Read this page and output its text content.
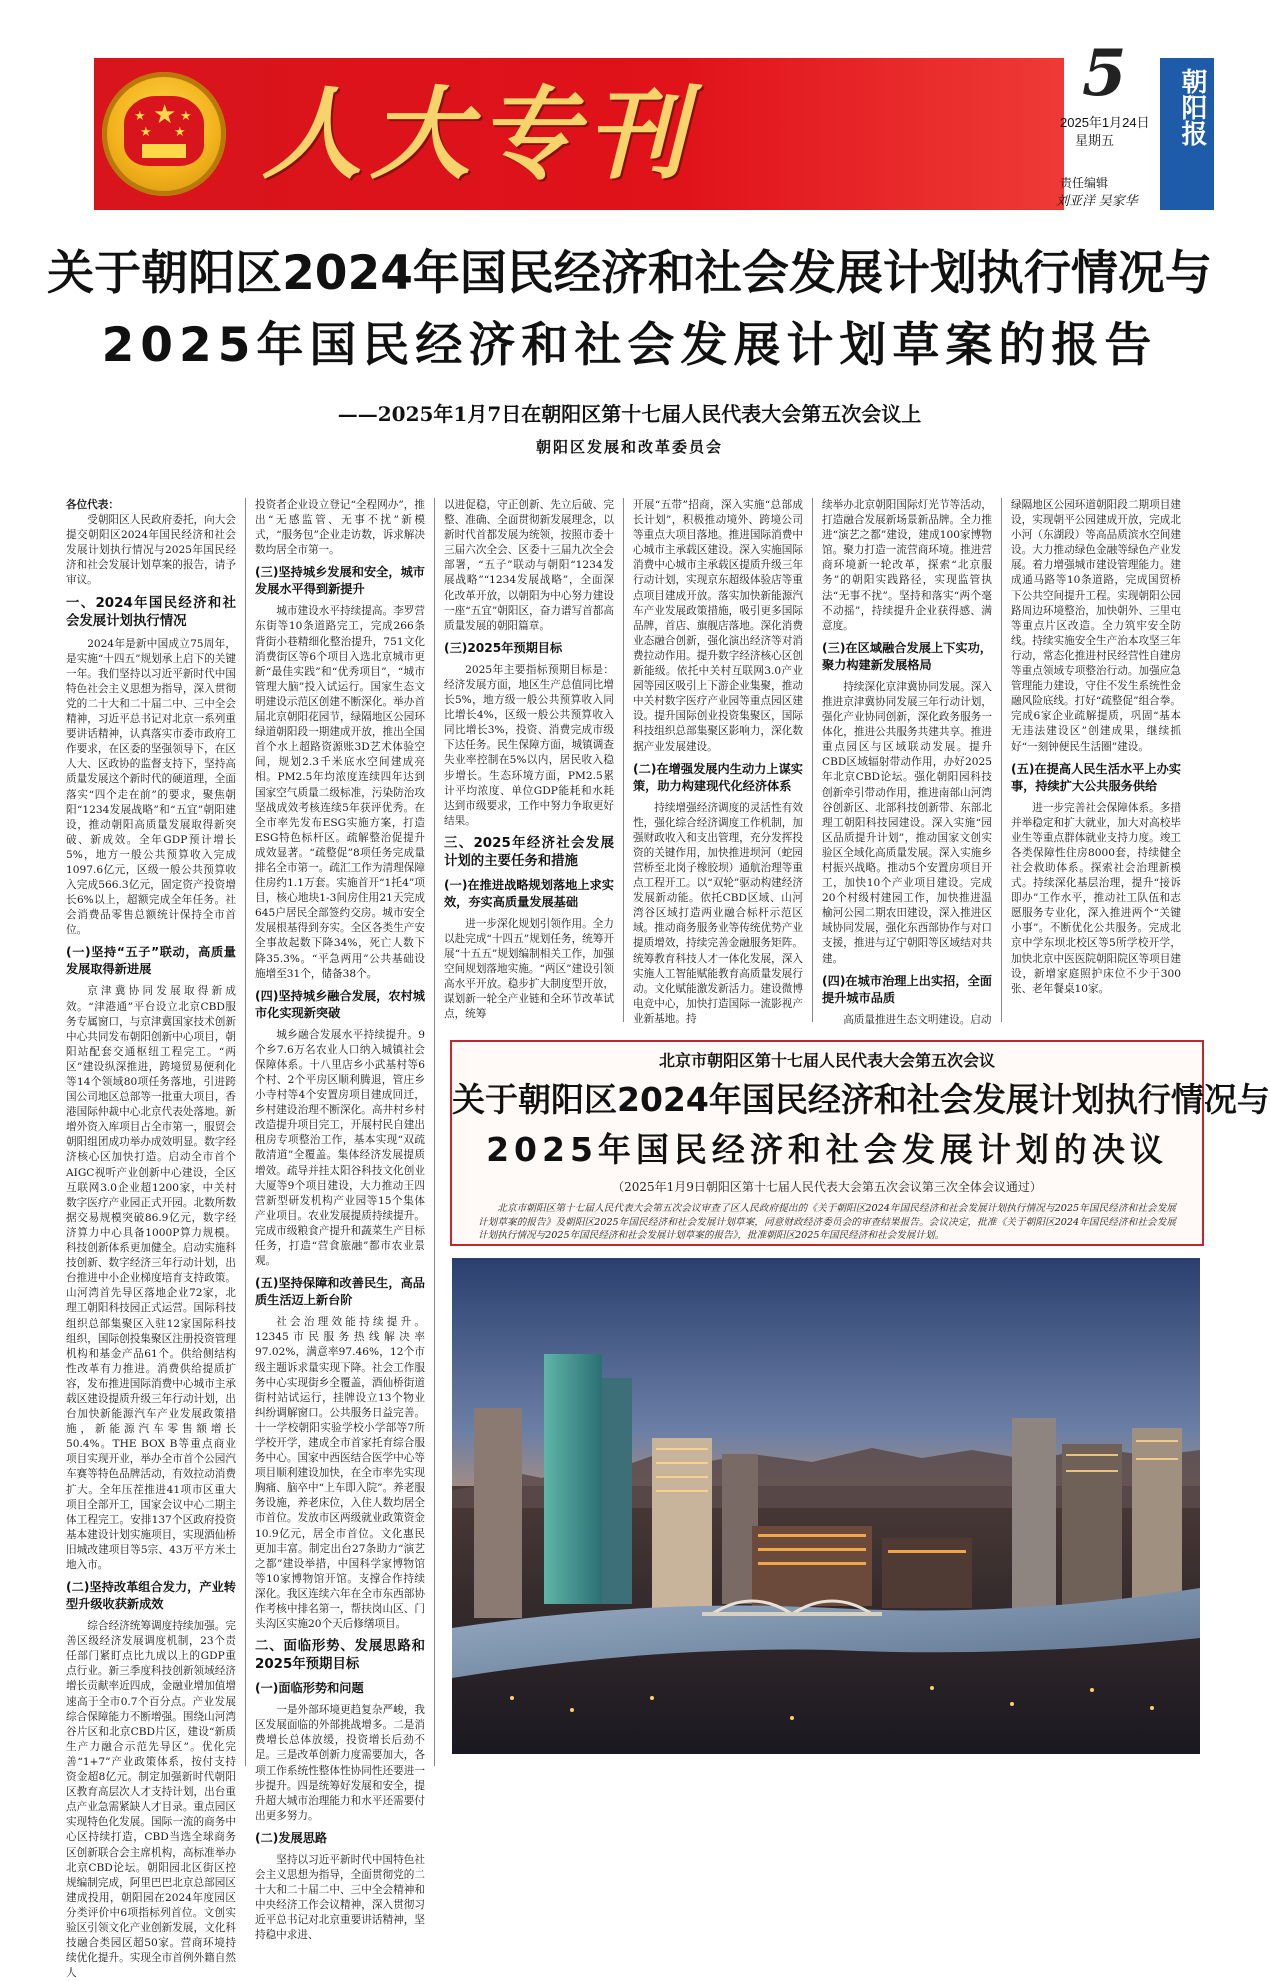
★
★
★
★
★ 人大专刊
5
2025年1月24日
星期五
责任编辑
刘亚洋 吴家华
朝阳报
关于朝阳区2024年国民经济和社会发展计划执行情况与
2025年国民经济和社会发展计划草案的报告
——2025年1月7日在朝阳区第十七届人民代表大会第五次会议上
朝阳区发展和改革委员会

各位代表：

受朝阳区人民政府委托，向大会提交朝阳区2024年国民经济和社会发展计划执行情况与2025年国民经济和社会发展计划草案的报告，请予审议。

一、2024年国民经济和社会发展计划执行情况

2024年是新中国成立75周年，是实施“十四五”规划承上启下的关键一年。我们坚持以习近平新时代中国特色社会主义思想为指导，深入贯彻党的二十大和二十届二中、三中全会精神，习近平总书记对北京一系列重要讲话精神，认真落实市委市政府工作要求，在区委的坚强领导下，在区人大、区政协的监督支持下，坚持高质量发展这个新时代的硬道理，全面落实“四个走在前”的要求，聚焦朝阳“1234发展战略”和“五宜”朝阳建设，推动朝阳高质量发展取得新突破、新成效。全年GDP预计增长5%，地方一般公共预算收入完成1097.6亿元，区级一般公共预算收入完成566.3亿元，固定资产投资增长6%以上，超额完成全年任务。社会消费品零售总额统计保持全市首位。

(一)坚持“五子”联动，高质量发展取得新进展

京津冀协同发展取得新成效。“津港通”平台设立北京CBD服务专属窗口，与京津冀国家技术创新中心共同发布朝阳创新中心项目，朝阳站配套交通枢纽工程完工。“两区”建设纵深推进，跨境贸易便利化等14个领域80项任务落地，引进跨国公司地区总部等一批重大项目，香港国际仲裁中心北京代表处落地。新增外资入库项目占全市第一，服贸会朝阳组团成功举办成效明显。数字经济核心区加快打造。启动全市首个AIGC视听产业创新中心建设，全区互联网3.0企业超1200家，中关村数字医疗产业园正式开园。北数所数据交易规模突破86.9亿元，数字经济算力中心具备1000P算力规模。科技创新体系更加健全。启动实施科技创新、数字经济三年行动计划，出台推进中小企业梯度培育支持政策。山河湾首先导区落地企业72家，北理工朝阳科技园正式运营。国际科技组织总部集聚区入驻12家国际科技组织，国际创投集聚区注册投资管理机构和基金产品61个。供给侧结构性改革有力推进。消费供给提质扩容，发布推进国际消费中心城市主承载区建设提质升级三年行动计划，出台加快新能源汽车产业发展政策措施，新能源汽车零售额增长50.4%。THE BOX B等重点商业项目实现开业，举办全市首个公园汽车赛等特色品牌活动，有效拉动消费扩大。全年压茬推进41项市区重大项目全部开工，国家会议中心二期主体工程完工。安排137个区政府投资基本建设计划实施项目，实现酒仙桥旧城改建项目等5宗、43万平方米土地入市。

(二)坚持改革组合发力，产业转型升级收获新成效

综合经济统筹调度持续加强。完善区级经济发展调度机制，23个责任部门紧盯点比九成以上的GDP重点行业。新三季度科技创新领域经济增长贡献率近四成，金融业增加值增速高于全市0.7个百分点。产业发展综合保障能力不断增强。围绕山河湾谷片区和北京CBD片区，建设“新质生产力融合示范先导区”。优化完善“1+7”产业政策体系，按付支持资金超8亿元。制定加强新时代朝阳区教育高层次人才支持计划，出台重点产业急需紧缺人才目录。重点园区实现特色化发展。国际一流的商务中心区持续打造，CBD当选全球商务区创新联合会主席机构，高标准举办北京CBD论坛。朝阳园北区街区控规编制完成，阿里巴巴北京总部园区建成投用，朝阳园在2024年度园区分类评价中6项指标列首位。文创实验区引领文化产业创新发展，文化科技融合类园区超50家。营商环境持续优化提升。实现全市首例外籍自然人

投资者企业设立登记“全程网办”，推出“无感监管、无事不扰”新模式，“服务包”企业走访数，诉求解决数均居全市第一。

(三)坚持城乡发展和安全，城市发展水平得到新提升

城市建设水平持续提高。李罗营东街等10条道路完工，完成266条背街小巷精细化整治提升，751文化消费街区等6个项目入选北京城市更新“最佳实践”和“优秀项目”，“城市管理大脑”投入试运行。国家生态文明建设示范区创建不断深化。举办首届北京朝阳花园节，绿隔地区公园环绿道朝阳段一期建成开放，推出全国首个水上超路资源账3D艺术体验空间，规划2.3千米底水空间建成亮相。PM2.5年均浓度连续四年达到国家空气质量二级标准，污染防治攻坚战成效考核连续5年获评优秀。在全市率先发布ESG实施方案，打造ESG特色标杆区。疏解整治促提升成效显著。“疏整促”8项任务完成量排名全市第一。疏汇工作为清理保障住房约1.1万套。实施首开“1托4”项目，核心地块1-3间房住用21天完成645户居民全部签约交房。城市安全发展根基得到夯实。全区各类生产安全事故起数下降34%，死亡人数下降35.3%。“平急两用”公共基础设施增至31个，储备38个。

(四)坚持城乡融合发展，农村城市化实现新突破

城乡融合发展水平持续提升。9个乡7.6万名农业人口纳入城镇社会保障体系。十八里店乡小武基村等6个村、2个平房区顺利腾退，管庄乡小寺村等4个安置房项目建成回迁，乡村建设治理不断深化。高井村乡村改造提升项目完工，开展村民自建出租房专项整治工作，基本实现“双疏散清道”全覆盖。集体经济发展提质增效。疏导并挂太阳谷科技文化创业大厦等9个项目建设，大力推动王四营新型研发机构产业园等15个集体产业项目。农业发展提质持续提升。完成市级粮食产提升和蔬菜生产目标任务，打造“营食旅融”都市农业景观。

(五)坚持保障和改善民生，高品质生活迈上新台阶

社会治理效能持续提升。12345市民服务热线解决率97.02%，满意率97.46%，12个市级主题诉求量实现下降。社会工作服务中心实现街乡全覆盖，酒仙桥街道街村站试运行，挂牌设立13个物业纠纷调解窗口。公共服务日益完善。十一学校朝阳实验学校小学部等7所学校开学，建成全市首家托育综合服务中心。国家中西医结合医学中心等项目顺利建设加快，在全市率先实现胸痛、脑卒中“上车即入院”。养老服务设施，养老床位，入住人数均居全市首位。发放市区两级就业政策资金10.9亿元，居全市首位。文化惠民更加丰富。制定出台27条助力“演艺之都”建设举措，中国科学家博物馆等10家博物馆开馆。支撑合作持续深化。我区连续六年在全市东西部协作考核中排名第一，帮扶岗山区、门头沟区实施20个天后修缮项目。

二、面临形势、发展思路和2025年预期目标
(一)面临形势和问题

一是外部环境更趋复杂严峻，我区发展面临的外部挑战增多。二是消费增长总体放缓，投资增长后劲不足。三是改革创新力度需要加大，各项工作系统性整体性协同性还要进一步提升。四是统筹好发展和安全，提升超大城市治理能力和水平还需要付出更多努力。

(二)发展思路

坚持以习近平新时代中国特色社会主义思想为指导，全面贯彻党的二十大和二十届二中、三中全会精神和中央经济工作会议精神，深入贯彻习近平总书记对北京重要讲话精神，坚持稳中求进、

以进促稳，守正创新、先立后破、完整、准确、全面贯彻新发展理念，以新时代首都发展为统领，按照市委十三届六次全会、区委十三届九次全会部署，“五子”联动与朝阳“1234发展战略”“1234发展战略”，全面深化改革开放，以朝阳为中心努力建设一座“五宜”朝阳区，奋力谱写首都高质量发展的朝阳篇章。

(三)2025年预期目标

2025年主要指标预期目标是：经济发展方面，地区生产总值同比增长5%，地方级一般公共预算收入同比增长4%，区级一般公共预算收入同比增长3%，投资、消费完成市级下达任务。民生保障方面，城镇调查失业率控制在5%以内，居民收入稳步增长。生态环境方面，PM2.5累计平均浓度、单位GDP能耗和水耗达到市级要求，工作中努力争取更好结果。

三、2025年经济社会发展计划的主要任务和措施
(一)在推进战略规划落地上求实效，夯实高质量发展基础

进一步深化规划引领作用。全力以赴完成“十四五”规划任务，统筹开展“十五五”规划编制相关工作，加强空间规划落地实施。“两区”建设引领高水平开放。稳步扩大制度型开放，谋划新一轮全产业链和全环节改革试点，统筹

开展“五带”招商，深入实施“总部成长计划”，积极推动境外、跨境公司等重点大项目落地。推进国际消费中心城市主承载区建设。深入实施国际消费中心城市主承载区提质升级三年行动计划，实现京东超级体验店等重点项目建成开放。落实加快新能源汽车产业发展政策措施，吸引更多国际品牌，首店、旗舰店落地。深化消费业态融合创新，强化演出经济等对消费拉动作用。提升数字经济核心区创新能级。依托中关村互联网3.0产业园等园区吸引上下游企业集聚，推动中关村数字医疗产业园等重点园区建设。提升国际创业投资集聚区，国际科技组织总部集聚区影响力，深化数据产业发展建设。

(二)在增强发展内生动力上谋实策，助力构建现代化经济体系

持续增强经济调度的灵活性有效性，强化综合经济调度工作机制，加强财政收入和支出管理，充分发挥投资的关键作用，加快推进坝河（蛇园营桥至北岗子橡胶坝）通航治理等重点工程开工。以“双轮”驱动构建经济发展新动能。依托CBD区域、山河湾谷区域打造两业融合标杆示范区域。推动商务服务业等传统优势产业提质增效，持续完善金融服务矩阵。统筹教育科技人才一体化发展，深入实施人工智能赋能教育高质量发展行动。文化赋能激发新活力。建设微博电竞中心，加快打造国际一流影视产业新基地。持

续举办北京朝阳国际灯光节等活动，打造融合发展新场景新品牌。全力推进“演艺之都”建设，建成100家博物馆。聚力打造一流营商环境。推进营商环境新一轮改革，探索“北京服务”的朝阳实践路径，实现监管执法“无事不扰”。坚持和落实“两个毫不动摇”，持续提升企业获得感、满意度。

(三)在区域融合发展上下实功，聚力构建新发展格局

持续深化京津冀协同发展。深入推进京津冀协同发展三年行动计划，强化产业协同创新，深化政务服务一体化，推进公共服务共建共享。推进重点园区与区域联动发展。提升CBD区域辐射带动作用，办好2025年北京CBD论坛。强化朝阳园科技创新牵引带动作用，推进南部山河湾谷创新区、北部科技创新带、东部北理工朝阳科技园建设。深入实施“园区品质提升计划”，推动国家文创实验区全域化高质量发展。深入实施乡村振兴战略。推动5个安置房项目开工，加快10个产业项目建设。完成20个村级村建园工作，加快推进温榆河公园二期农田建设，深入推进区域协同发展，强化东西部协作与对口支援，推进与辽宁朝阳等区域结对共建。

(四)在城市治理上出实招，全面提升城市品质

高质量推进生态文明建设。启动

绿隔地区公园环道朝阳段二期项目建设，实现朝平公园建成开放，完成北小河（东湖段）等高品质滨水空间建设。大力推动绿色金融等绿色产业发展。着力增强城市建设管理能力。建成通马路等10条道路，完成国贸桥下公共空间提升工程。实现朝阳公园路周边环境整治，加快朝外、三里屯等重点片区改造。全力筑牢安全防线。持续实施安全生产治本攻坚三年行动，常态化推进村民经营性自建房等重点领域专项整治行动。加强应急管理能力建设，守住不发生系统性金融风险底线。打好“疏整促”组合拳。完成6家企业疏解提质，巩固“基本无违法建设区”创建成果，继续抓好“一刻钟便民生活圈”建设。

(五)在提高人民生活水平上办实事，持续扩大公共服务供给

进一步完善社会保障体系。多措并举稳定和扩大就业，加大对高校毕业生等重点群体就业支持力度。竣工各类保障性住房8000套，持续健全社会救助体系。探索社会治理新模式。持续深化基层治理，提升“接诉即办”工作水平，推动社工队伍和志愿服务专业化，深入推进两个“关键小事”。不断优化公共服务。完成北京中学东坝北校区等5所学校开学，加快北京中医医院朝阳院区等项目建设，新增家庭照护床位不少于300张、老年餐桌10家。

北京市朝阳区第十七届人民代表大会第五次会议
关于朝阳区2024年国民经济和社会发展计划执行情况与
2025年国民经济和社会发展计划的决议
（2025年1月9日朝阳区第十七届人民代表大会第五次会议第三次全体会议通过）
北京市朝阳区第十七届人民代表大会第五次会议审查了区人民政府提出的《关于朝阳区2024年国民经济和社会发展计划执行情况与2025年国民经济和社会发展计划草案的报告》及朝阳区2025年国民经济和社会发展计划草案，同意财政经济委员会的审查结果报告。会议决定，批准《关于朝阳区2024年国民经济和社会发展计划执行情况与2025年国民经济和社会发展计划草案的报告》，批准朝阳区2025年国民经济和社会发展计划。
